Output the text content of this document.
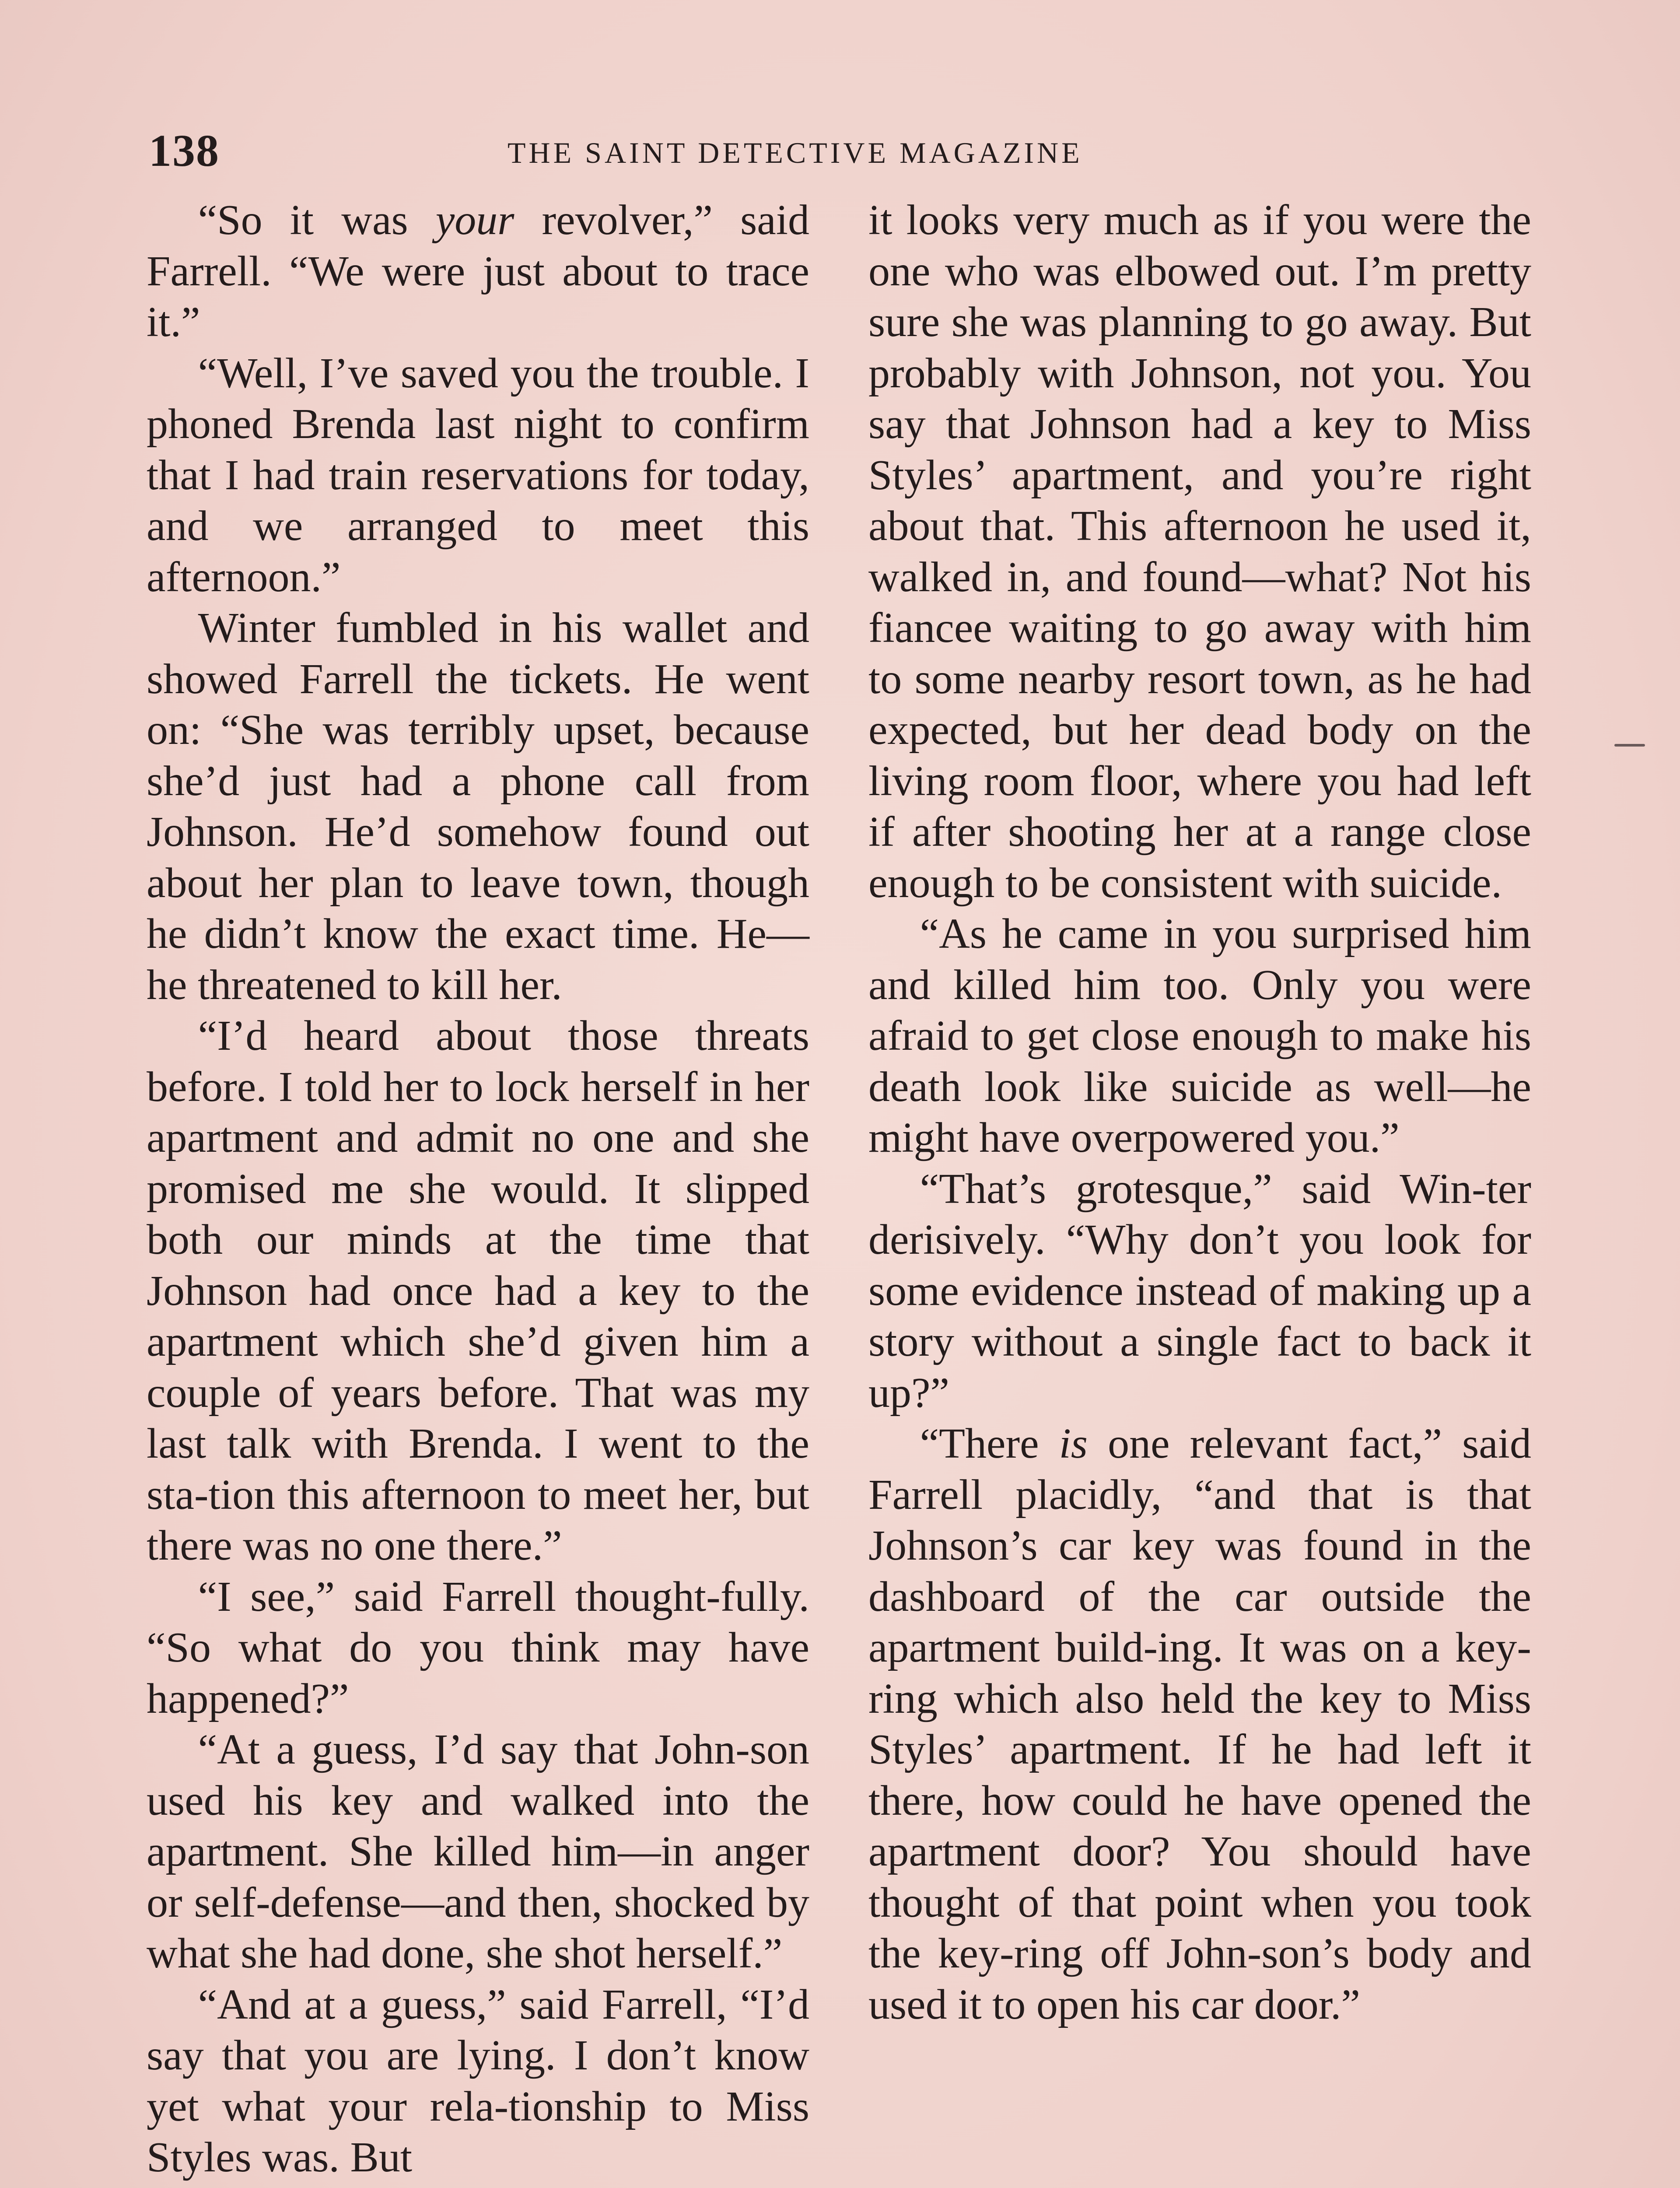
138	THE SAINT DETECTIVE MAGAZINE

“So it was your revolver,” said Farrell. “We were just about to trace it.”

“Well, I’ve saved you the trouble. I phoned Brenda last night to confirm that I had train reservations for today, and we arranged to meet this afternoon.”

Winter fumbled in his wallet and showed Farrell the tickets. He went on: “She was terribly upset, because she’d just had a phone call from Johnson. He’d somehow found out about her plan to leave town, though he didn’t know the exact time. He—he threatened to kill her.

“I’d heard about those threats before. I told her to lock herself in her apartment and admit no one and she promised me she would. It slipped both our minds at the time that Johnson had once had a key to the apartment which she’d given him a couple of years before. That was my last talk with Brenda. I went to the sta-tion this afternoon to meet her, but there was no one there.”

“I see,” said Farrell thought-fully. “So what do you think may have happened?”

“At a guess, I’d say that John-son used his key and walked into the apartment. She killed him—in anger or self-defense—and then, shocked by what she had done, she shot herself.”

“And at a guess,” said Farrell, “I’d say that you are lying. I don’t know yet what your rela-tionship to Miss Styles was. But

it looks very much as if you were the one who was elbowed out. I’m pretty sure she was planning to go away. But probably with Johnson, not you. You say that Johnson had a key to Miss Styles’ apartment, and you’re right about that. This afternoon he used it, walked in, and found—what? Not his fiancee waiting to go away with him to some nearby resort town, as he had expected, but her dead body on the living room floor, where you had left if after shooting her at a range close enough to be consistent with suicide.

“As he came in you surprised him and killed him too. Only you were afraid to get close enough to make his death look like suicide as well—he might have overpowered you.”

“That’s grotesque,” said Win-ter derisively. “Why don’t you look for some evidence instead of making up a story without a single fact to back it up?”

“There is one relevant fact,” said Farrell placidly, “and that is that Johnson’s car key was found in the dashboard of the car outside the apartment build-ing. It was on a key-ring which also held the key to Miss Styles’ apartment. If he had left it there, how could he have opened the apartment door? You should have thought of that point when you took the key-ring off John-son’s body and used it to open his car door.”
